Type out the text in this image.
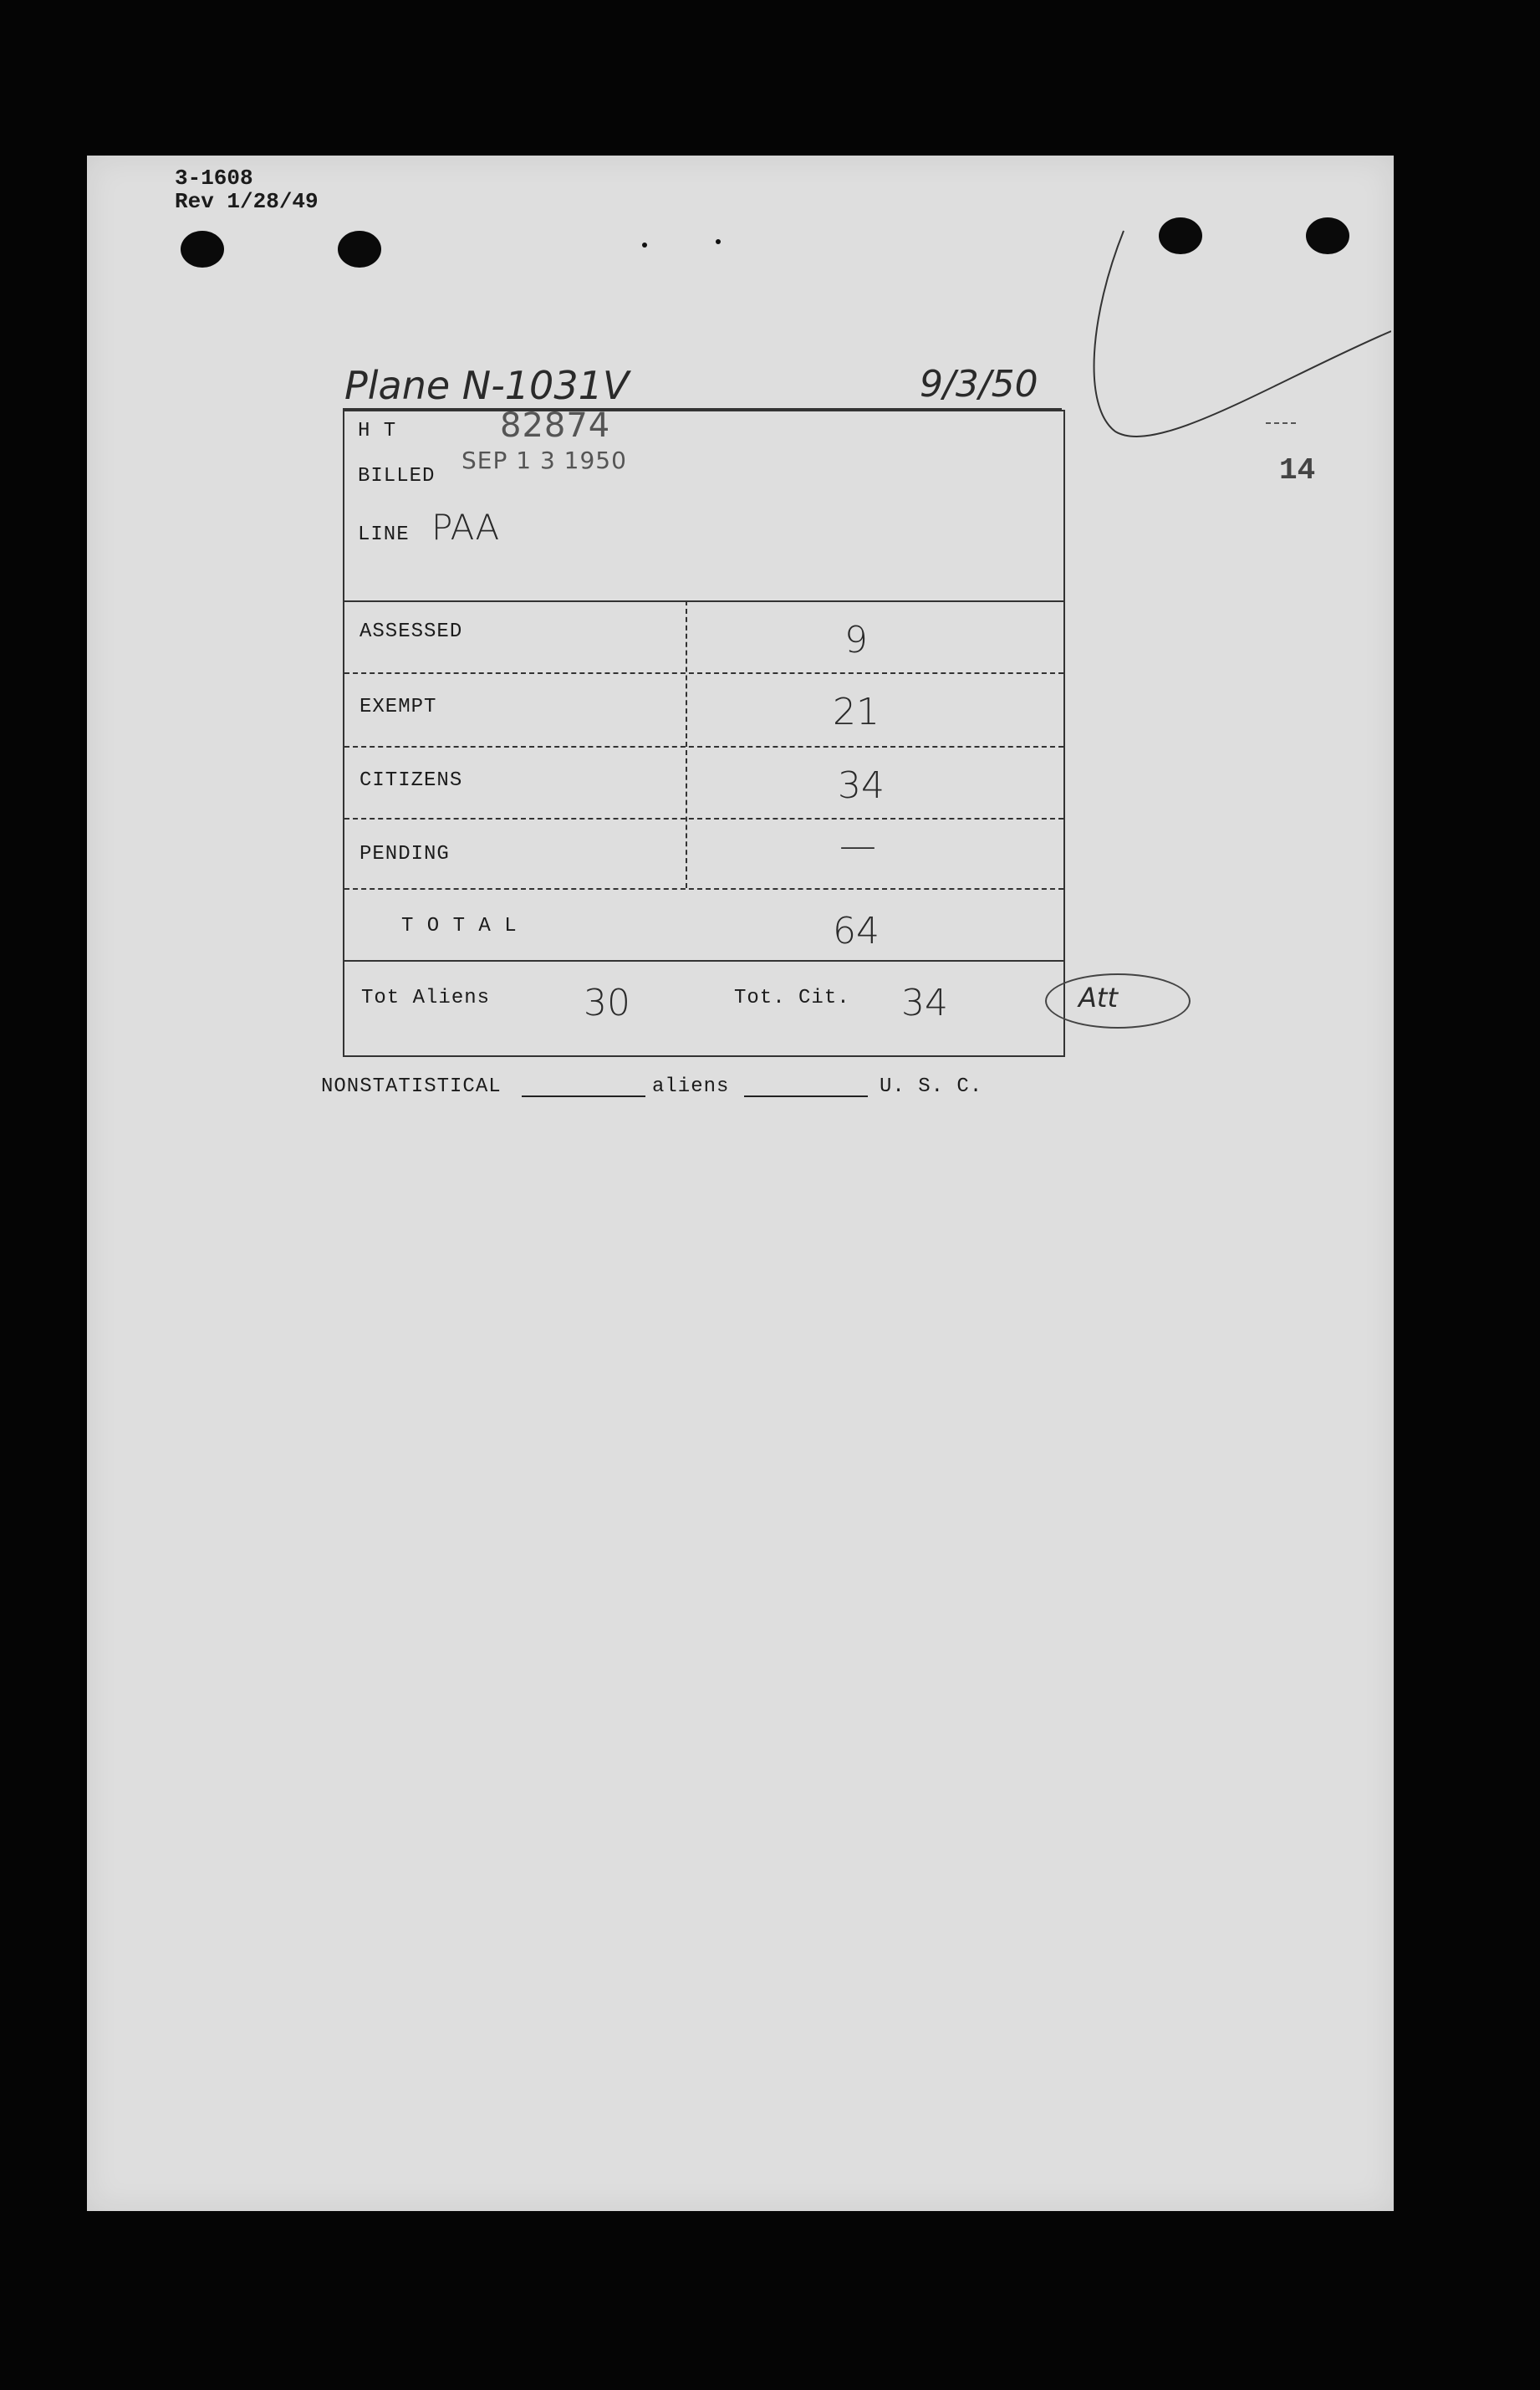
3-1608
Rev 1/28/49
Plane N-1031V	9/3/50
14
H T	82874
BILLED
SEP 1 3 1950
LINE PAA
ASSESSED	9
EXEMPT	21
CITIZENS	34
PENDING	—
T O T A L	64
Tot Aliens	30	Tot. Cit. 34	Att
NONSTATISTICAL	aliens	U. S. C.
